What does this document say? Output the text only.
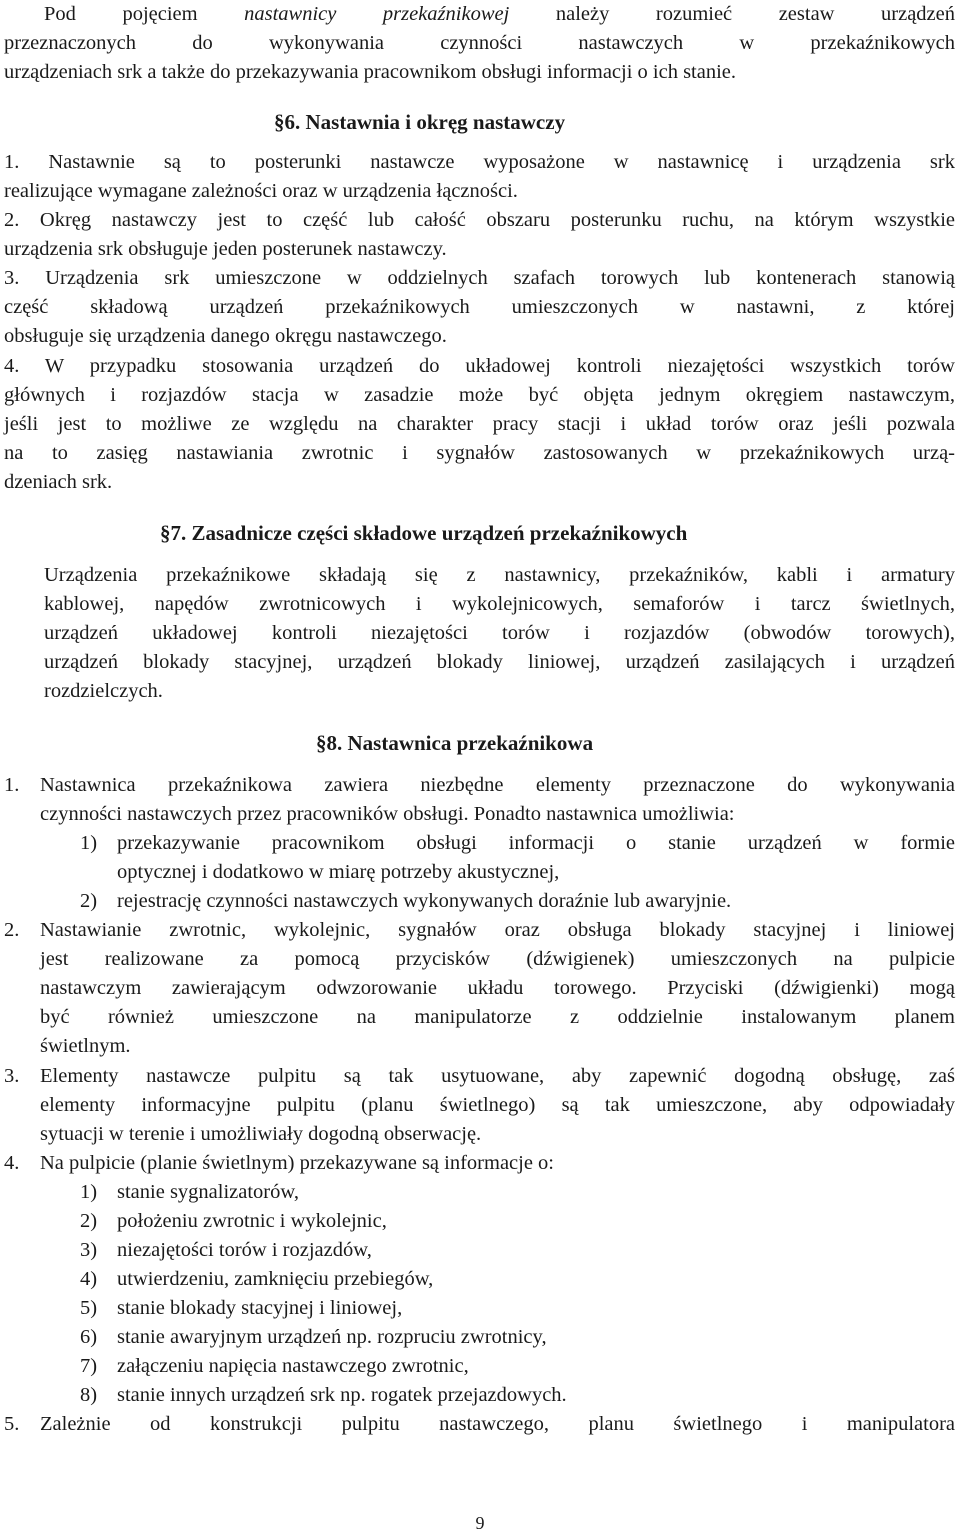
Pod pojęciem nastawnicy przekaźnikowej należy rozumieć zestaw urządzeń
przeznaczonych do wykonywania czynności nastawczych w przekaźnikowych
urządzeniach srk a także do przekazywania pracownikom obsługi informacji o ich stanie.
§6. Nastawnia i okręg nastawczy
1. Nastawnie są to posterunki nastawcze wyposażone w nastawnicę i urządzenia srk
realizujące wymagane zależności oraz w urządzenia łączności.
2. Okręg nastawczy jest to część lub całość obszaru posterunku ruchu, na którym wszystkie
urządzenia srk obsługuje jeden posterunek nastawczy.
3. Urządzenia srk umieszczone w oddzielnych szafach torowych lub kontenerach stanowią
część składową urządzeń przekaźnikowych umieszczonych w nastawni, z której
obsługuje się urządzenia danego okręgu nastawczego.
4. W przypadku stosowania urządzeń do układowej kontroli niezajętości wszystkich torów
głównych i rozjazdów stacja w zasadzie może być objęta jednym okręgiem nastawczym,
jeśli jest to możliwe ze względu na charakter pracy stacji i układ torów oraz jeśli pozwala
na to zasięg nastawiania zwrotnic i sygnałów zastosowanych w przekaźnikowych urzą-
dzeniach srk.
§7. Zasadnicze części składowe urządzeń przekaźnikowych
Urządzenia przekaźnikowe składają się z nastawnicy, przekaźników, kabli i armatury
kablowej, napędów zwrotnicowych i wykolejnicowych, semaforów i tarcz świetlnych,
urządzeń układowej kontroli niezajętości torów i rozjazdów (obwodów torowych),
urządzeń blokady stacyjnej, urządzeń blokady liniowej, urządzeń zasilających i urządzeń
rozdzielczych.
§8. Nastawnica przekaźnikowa
1. Nastawnica przekaźnikowa zawiera niezbędne elementy przeznaczone do wykonywania
czynności nastawczych przez pracowników obsługi. Ponadto nastawnica umożliwia:
1) przekazywanie pracownikom obsługi informacji o stanie urządzeń w formie
optycznej i dodatkowo w miarę potrzeby akustycznej,
2) rejestrację czynności nastawczych wykonywanych doraźnie lub awaryjnie.
2. Nastawianie zwrotnic, wykolejnic, sygnałów oraz obsługa blokady stacyjnej i liniowej
jest realizowane za pomocą przycisków (dźwigienek) umieszczonych na pulpicie
nastawczym zawierającym odwzorowanie układu torowego. Przyciski (dźwigienki) mogą
być również umieszczone na manipulatorze z oddzielnie instalowanym planem
świetlnym.
3. Elementy nastawcze pulpitu są tak usytuowane, aby zapewnić dogodną obsługę, zaś
elementy informacyjne pulpitu (planu świetlnego) są tak umieszczone, aby odpowiadały
sytuacji w terenie i umożliwiały dogodną obserwację.
4. Na pulpicie (planie świetlnym) przekazywane są informacje o:
1) stanie sygnalizatorów,
2) położeniu zwrotnic i wykolejnic,
3) niezajętości torów i rozjazdów,
4) utwierdzeniu, zamknięciu przebiegów,
5) stanie blokady stacyjnej i liniowej,
6) stanie awaryjnym urządzeń np. rozpruciu zwrotnicy,
7) załączeniu napięcia nastawczego zwrotnic,
8) stanie innych urządzeń srk np. rogatek przejazdowych.
5. Zależnie od konstrukcji pulpitu nastawczego, planu świetlnego i manipulatora
9
